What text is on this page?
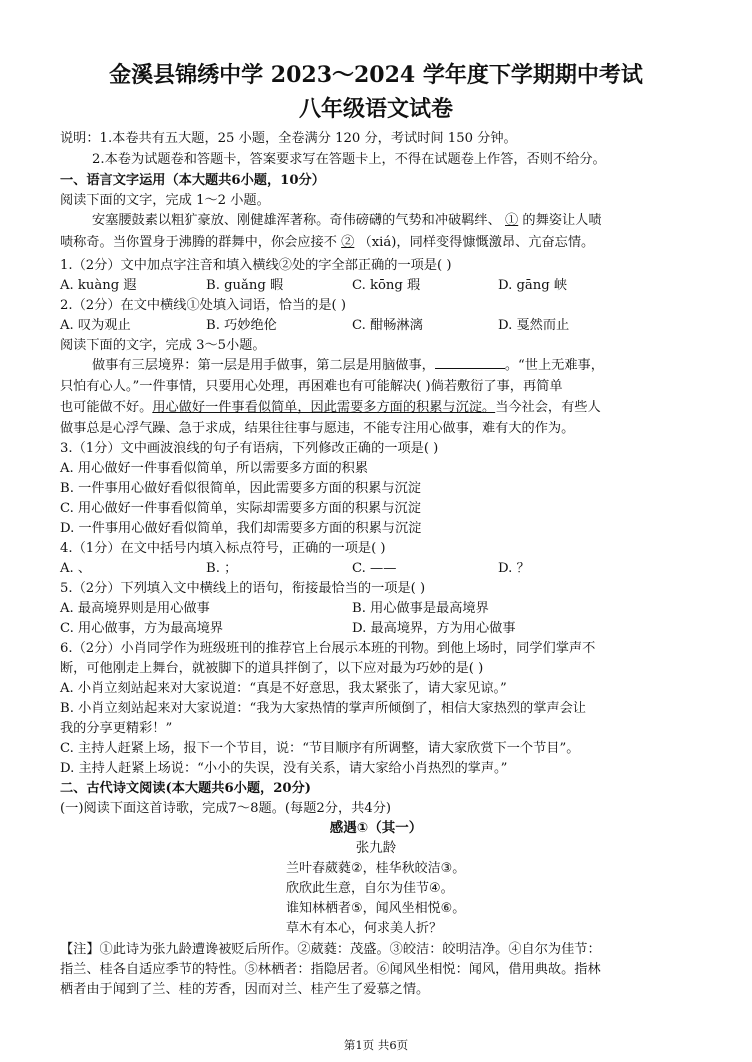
金溪县锦绣中学 2023～2024 学年度下学期期中考试
八年级语文试卷
说明：1.本卷共有五大题，25 小题，全卷满分 120 分，考试时间 150 分钟。
2.本卷为试题卷和答题卡，答案要求写在答题卡上，不得在试题卷上作答，否则不给分。
一、语言文字运用（本大题共6小题，10分）
阅读下面的文字，完成 1～2 小题。
安塞腰鼓素以粗犷豪放、刚健雄浑著称。奇伟磅礴的气势和冲破羁绊、 ① 的舞姿让人啧
啧称奇。当你置身于沸腾的群舞中，你会应接不 ② （xiá)，同样变得慷慨激昂、亢奋忘情。
1.（2分）文中加点字注音和填入横线②处的字全部正确的一项是( )
A. kuàng 遐	B. guǎng 暇	C. kōng 瑕	D. gāng 峡
2.（2分）在文中横线①处填入词语，恰当的是( )
A. 叹为观止	B. 巧妙绝伦	C. 酣畅淋漓	D. 戛然而止
阅读下面的文字，完成 3～5小题。
做事有三层境界：第一层是用手做事，第二层是用脑做事，	。“世上无难事，
只怕有心人。”一件事情，只要用心处理，再困难也有可能解决( )倘若敷衍了事，再简单
也可能做不好。用心做好一件事看似简单，因此需要多方面的积累与沉淀。当今社会，有些人
做事总是心浮气躁、急于求成，结果往往事与愿违，不能专注用心做事，难有大的作为。
3.（1分）文中画波浪线的句子有语病，下列修改正确的一项是( )
A. 用心做好一件事看似简单，所以需要多方面的积累
B. 一件事用心做好看似很简单，因此需要多方面的积累与沉淀
C. 用心做好一件事看似简单，实际却需要多方面的积累与沉淀
D. 一件事用心做好看似简单，我们却需要多方面的积累与沉淀
4.（1分）在文中括号内填入标点符号，正确的一项是( )
A. 、	B. ；	C. ——	D. ？
5.（2分）下列填入文中横线上的语句，衔接最恰当的一项是( )
A. 最高境界则是用心做事	B. 用心做事是最高境界
C. 用心做事，方为最高境界	D. 最高境界，方为用心做事
6.（2分）小肖同学作为班级班刊的推荐官上台展示本班的刊物。到他上场时，同学们掌声不
断，可他刚走上舞台，就被脚下的道具拌倒了，以下应对最为巧妙的是( )
A. 小肖立刻站起来对大家说道：“真是不好意思，我太紧张了，请大家见谅。”
B. 小肖立刻站起来对大家说道：“我为大家热情的掌声所倾倒了，相信大家热烈的掌声会让
我的分享更精彩！”
C. 主持人赶紧上场，报下一个节目，说：“节目顺序有所调整，请大家欣赏下一个节目”。
D. 主持人赶紧上场说：“小小的失误，没有关系，请大家给小肖热烈的掌声。”
二、古代诗文阅读(本大题共6小题，20分)
(一)阅读下面这首诗歌，完成7～8题。(每题2分，共4分)
感遇①（其一）
张九龄
兰叶春葳蕤②，桂华秋皎洁③。
欣欣此生意，自尔为佳节④。
谁知林栖者⑤，闻风坐相悦⑥。
草木有本心，何求美人折？
【注】①此诗为张九龄遭谗被贬后所作。②葳蕤：茂盛。③皎洁：皎明洁净。④自尔为佳节：
指兰、桂各自适应季节的特性。⑤林栖者：指隐居者。⑥闻风坐相悦：闻风，借用典故。指林
栖者由于闻到了兰、桂的芳香，因而对兰、桂产生了爱慕之情。
第1页 共6页
